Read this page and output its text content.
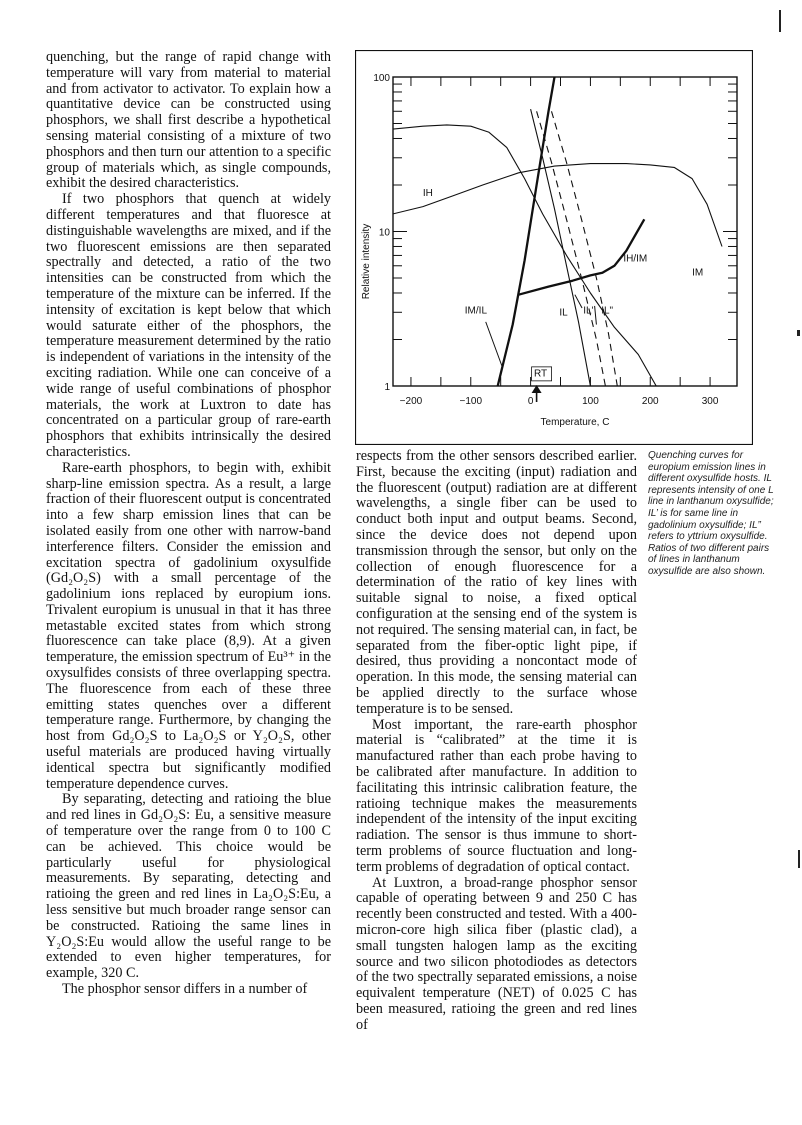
quenching, but the range of rapid change with temperature will vary from material to material and from activator to activator. To explain how a quantitative device can be constructed using phosphors, we shall first describe a hypothetical sensing material consisting of a mixture of two phosphors and then turn our attention to a specific group of materials which, as single compounds, exhibit the desired characteristics.

If two phosphors that quench at widely different temperatures and that fluoresce at distinguishable wavelengths are mixed, and if the two fluorescent emissions are then separated spectrally and detected, a ratio of the two intensities can be constructed from which the temperature of the mixture can be inferred. If the intensity of excitation is kept below that which would saturate either of the phosphors, the temperature measurement determined by the ratio is independent of variations in the intensity of the exciting radiation. While one can conceive of a wide range of useful combinations of phosphor materials, the work at Luxtron to date has concentrated on a particular group of rare-earth phosphors that exhibits intrinsically the desired characteristics.

Rare-earth phosphors, to begin with, exhibit sharp-line emission spectra. As a result, a large fraction of their fluorescent output is concentrated into a few sharp emission lines that can be isolated easily from one other with narrow-band interference filters. Consider the emission and excitation spectra of gadolinium oxysulfide (Gd₂O₂S) with a small percentage of the gadolinium ions replaced by europium ions. Trivalent europium is unusual in that it has three metastable excited states from which strong fluorescence can take place (8,9). At a given temperature, the emission spectrum of Eu³⁺ in the oxysulfides consists of three overlapping spectra. The fluorescence from each of these three emitting states quenches over a different temperature range. Furthermore, by changing the host from Gd₂O₂S to La₂O₂S or Y₂O₂S, other useful materials are produced having virtually identical spectra but significantly modified temperature dependence curves.

By separating, detecting and ratioing the blue and red lines in Gd₂O₂S: Eu, a sensitive measure of temperature over the range from 0 to 100 C can be achieved. This choice would be particularly useful for physiological measurements. By separating, detecting and ratioing the green and red lines in La₂O₂S:Eu, a less sensitive but much broader range sensor can be constructed. Ratioing the same lines in Y₂O₂S:Eu would allow the useful range to be extended to even higher temperatures, for example, 320 C.

The phosphor sensor differs in a number of

−200	−100	0	100	200	300
1
10
100
IH
IM
IM/IL
IH/IM
IL IL' IL"
RT
Temperature, C
Relative intensity

respects from the other sensors described earlier. First, because the exciting (input) radiation and the fluorescent (output) radiation are at different wavelengths, a single fiber can be used to conduct both input and output beams. Second, since the device does not depend upon transmission through the sensor, but only on the collection of enough fluorescence for a determination of the ratio of key lines with suitable signal to noise, a fixed optical configuration at the sensing end of the system is not required. The sensing material can, in fact, be separated from the fiber-optic light pipe, if desired, thus providing a noncontact mode of operation. In this mode, the sensing material can be applied directly to the surface whose temperature is to be sensed.

Most important, the rare-earth phosphor material is “calibrated” at the time it is manufactured rather than each probe having to be calibrated after manufacture. In addition to facilitating this intrinsic calibration feature, the ratioing technique makes the measurements independent of the intensity of the input exciting radiation. The sensor is thus immune to short-term problems of source fluctuation and long-term problems of degradation of optical contact.

At Luxtron, a broad-range phosphor sensor capable of operating between 9 and 250 C has recently been constructed and tested. With a 400-micron-core high silica fiber (plastic clad), a small tungsten halogen lamp as the exciting source and two silicon photodiodes as detectors of the two spectrally separated emissions, a noise equivalent temperature (NET) of 0.025 C has been measured, ratioing the green and red lines of

Quenching curves for europium emission lines in different oxysulfide hosts. IL represents intensity of one L line in lanthanum oxysulfide; IL’ is for same line in gadolinium oxysulfide; IL” refers to yttrium oxysulfide. Ratios of two different pairs of lines in lanthanum oxysulfide are also shown.
